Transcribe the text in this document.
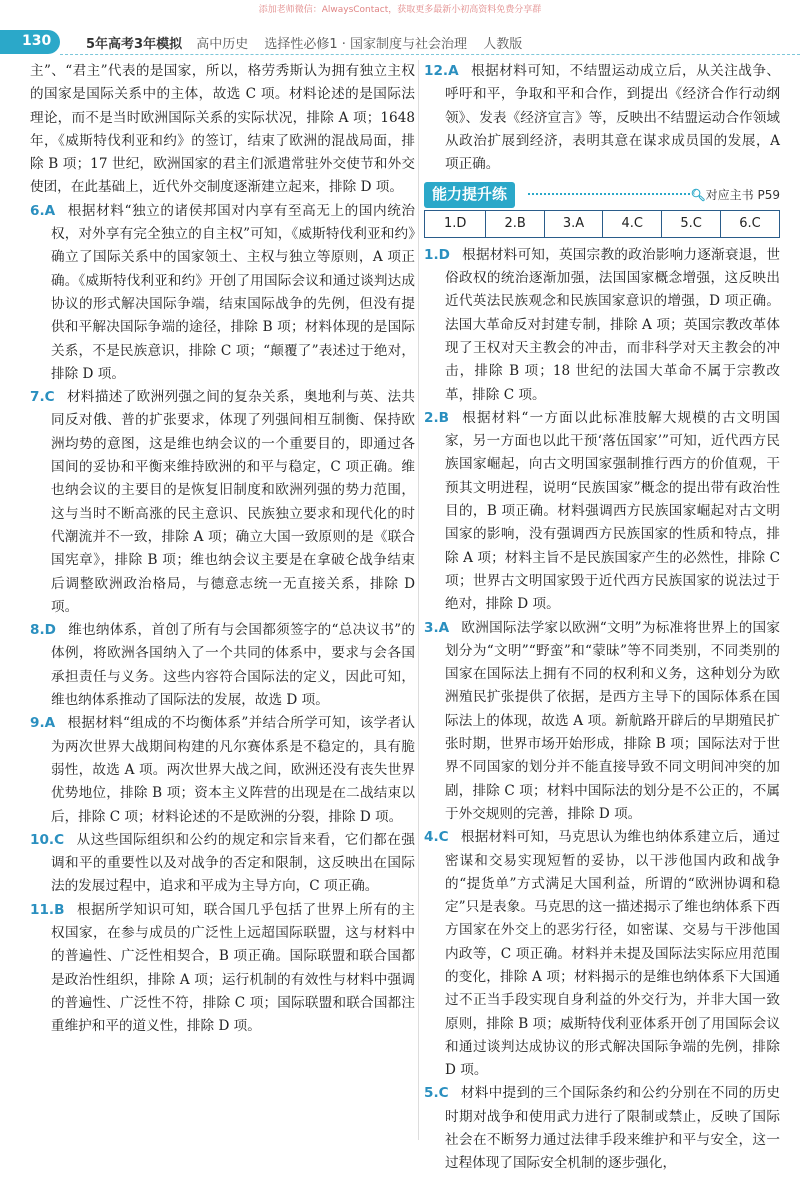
添加老师微信：AlwaysContact，获取更多最新小初高资料免费分享群
130	5年高考3年模拟 高中历史 选择性必修1 · 国家制度与社会治理 人教版

主”、“君主”代表的是国家，所以，格劳秀斯认为拥有独立主权的国家是国际关系中的主体，故选 C 项。材料论述的是国际法理论，而不是当时欧洲国际关系的实际状况，排除 A 项；1648 年，《威斯特伐利亚和约》的签订，结束了欧洲的混战局面，排除 B 项；17 世纪，欧洲国家的君主们派遣常驻外交使节和外交使团，在此基础上，近代外交制度逐渐建立起来，排除 D 项。

6.A 根据材料“独立的诸侯邦国对内享有至高无上的国内统治权，对外享有完全独立的自主权”可知，《威斯特伐利亚和约》确立了国际关系中的国家领土、主权与独立等原则，A 项正确。《威斯特伐利亚和约》开创了用国际会议和通过谈判达成协议的形式解决国际争端，结束国际战争的先例，但没有提供和平解决国际争端的途径，排除 B 项；材料体现的是国际关系，不是民族意识，排除 C 项；“颠覆了”表述过于绝对，排除 D 项。
7.C 材料描述了欧洲列强之间的复杂关系，奥地利与英、法共同反对俄、普的扩张要求，体现了列强间相互制衡、保持欧洲均势的意图，这是维也纳会议的一个重要目的，即通过各国间的妥协和平衡来维持欧洲的和平与稳定，C 项正确。维也纳会议的主要目的是恢复旧制度和欧洲列强的势力范围，这与当时不断高涨的民主意识、民族独立要求和现代化的时代潮流并不一致，排除 A 项；确立大国一致原则的是《联合国宪章》，排除 B 项；维也纳会议主要是在拿破仑战争结束后调整欧洲政治格局，与德意志统一无直接关系，排除 D 项。
8.D 维也纳体系，首创了所有与会国都须签字的“总决议书”的体例，将欧洲各国纳入了一个共同的体系中，要求与会各国承担责任与义务。这些内容符合国际法的定义，因此可知，维也纳体系推动了国际法的发展，故选 D 项。
9.A 根据材料“组成的不均衡体系”并结合所学可知，该学者认为两次世界大战期间构建的凡尔赛体系是不稳定的，具有脆弱性，故选 A 项。两次世界大战之间，欧洲还没有丧失世界优势地位，排除 B 项；资本主义阵营的出现是在二战结束以后，排除 C 项；材料论述的不是欧洲的分裂，排除 D 项。
10.C 从这些国际组织和公约的规定和宗旨来看，它们都在强调和平的重要性以及对战争的否定和限制，这反映出在国际法的发展过程中，追求和平成为主导方向，C 项正确。
11.B 根据所学知识可知，联合国几乎包括了世界上所有的主权国家，在参与成员的广泛性上远超国际联盟，这与材料中的普遍性、广泛性相契合，B 项正确。国际联盟和联合国都是政治性组织，排除 A 项；运行机制的有效性与材料中强调的普遍性、广泛性不符，排除 C 项；国际联盟和联合国都注重维护和平的道义性，排除 D 项。
12.A 根据材料可知，不结盟运动成立后，从关注战争、呼吁和平，争取和平和合作，到提出《经济合作行动纲领》、发表《经济宣言》等，反映出不结盟运动合作领域从政治扩展到经济，表明其意在谋求成员国的发展，A 项正确。
能力提升练	🔍︎对应主书 P59
1.D	2.B	3.A	4.C	5.C	6.C
1.D 根据材料可知，英国宗教的政治影响力逐渐衰退，世俗政权的统治逐渐加强，法国国家概念增强，这反映出近代英法民族观念和民族国家意识的增强，D 项正确。法国大革命反对封建专制，排除 A 项；英国宗教改革体现了王权对天主教会的冲击，而非科学对天主教会的冲击，排除 B 项；18 世纪的法国大革命不属于宗教改革，排除 C 项。
2.B 根据材料“一方面以此标准肢解大规模的古文明国家，另一方面也以此干预‘落伍国家’”可知，近代西方民族国家崛起，向古文明国家强制推行西方的价值观，干预其文明进程，说明“民族国家”概念的提出带有政治性目的，B 项正确。材料强调西方民族国家崛起对古文明国家的影响，没有强调西方民族国家的性质和特点，排除 A 项；材料主旨不是民族国家产生的必然性，排除 C 项；世界古文明国家毁于近代西方民族国家的说法过于绝对，排除 D 项。
3.A 欧洲国际法学家以欧洲“文明”为标准将世界上的国家划分为“文明”“野蛮”和“蒙昧”等不同类别，不同类别的国家在国际法上拥有不同的权利和义务，这种划分为欧洲殖民扩张提供了依据，是西方主导下的国际体系在国际法上的体现，故选 A 项。新航路开辟后的早期殖民扩张时期，世界市场开始形成，排除 B 项；国际法对于世界不同国家的划分并不能直接导致不同文明间冲突的加剧，排除 C 项；材料中国际法的划分是不公正的，不属于外交规则的完善，排除 D 项。
4.C 根据材料可知，马克思认为维也纳体系建立后，通过密谋和交易实现短暂的妥协，以干涉他国内政和战争的“提货单”方式满足大国利益，所谓的“欧洲协调和稳定”只是表象。马克思的这一描述揭示了维也纳体系下西方国家在外交上的恶劣行径，如密谋、交易与干涉他国内政等，C 项正确。材料并未提及国际法实际应用范围的变化，排除 A 项；材料揭示的是维也纳体系下大国通过不正当手段实现自身利益的外交行为，并非大国一致原则，排除 B 项；威斯特伐利亚体系开创了用国际会议和通过谈判达成协议的形式解决国际争端的先例，排除 D 项。
5.C 材料中提到的三个国际条约和公约分别在不同的历史时期对战争和使用武力进行了限制或禁止，反映了国际社会在不断努力通过法律手段来维护和平与安全，这一过程体现了国际安全机制的逐步强化，
